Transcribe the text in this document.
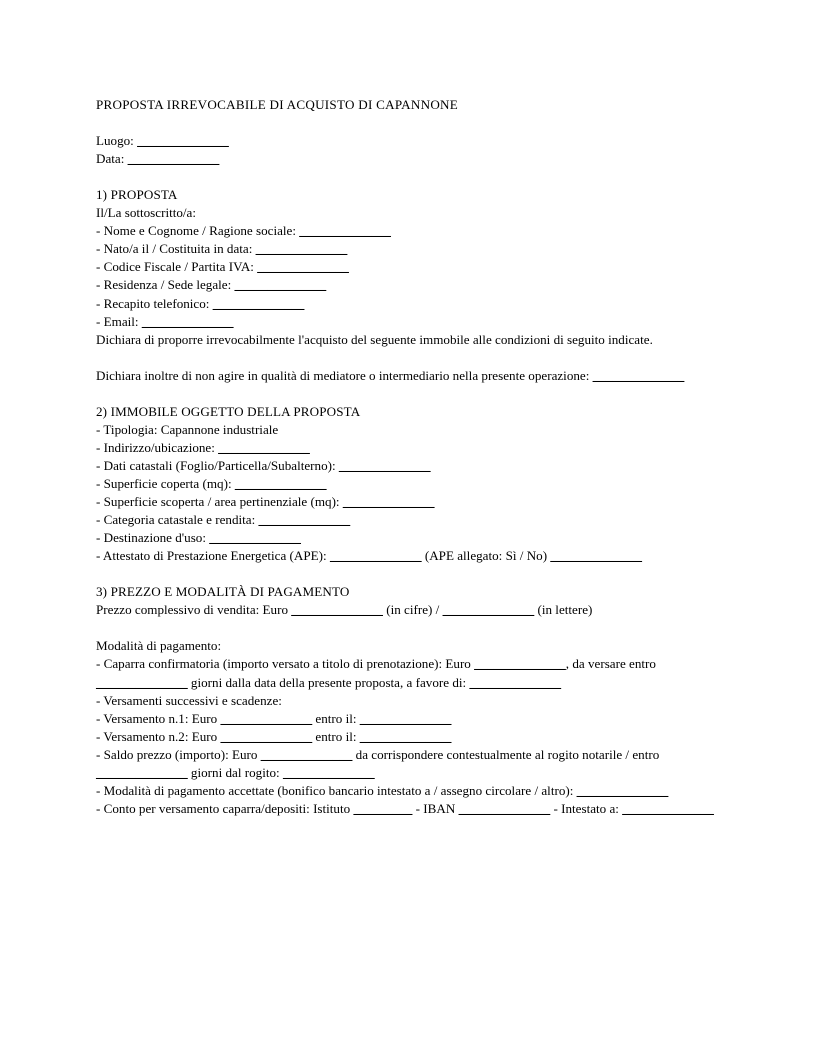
PROPOSTA IRREVOCABILE DI ACQUISTO DI CAPANNONE
Luogo: ______________
Data: ______________
1) PROPOSTA
Il/La sottoscritto/a:
- Nome e Cognome / Ragione sociale: ______________
- Nato/a il / Costituita in data: ______________
- Codice Fiscale / Partita IVA: ______________
- Residenza / Sede legale: ______________
- Recapito telefonico: ______________
- Email: ______________
Dichiara di proporre irrevocabilmente l'acquisto del seguente immobile alle condizioni di seguito indicate.
Dichiara inoltre di non agire in qualità di mediatore o intermediario nella presente operazione: ______________
2) IMMOBILE OGGETTO DELLA PROPOSTA
- Tipologia: Capannone industriale
- Indirizzo/ubicazione: ______________
- Dati catastali (Foglio/Particella/Subalterno): ______________
- Superficie coperta (mq): ______________
- Superficie scoperta / area pertinenziale (mq): ______________
- Categoria catastale e rendita: ______________
- Destinazione d'uso: ______________
- Attestato di Prestazione Energetica (APE): ______________ (APE allegato: Sì / No) ______________
3) PREZZO E MODALITÀ DI PAGAMENTO
Prezzo complessivo di vendita: Euro ______________ (in cifre) / ______________ (in lettere)
Modalità di pagamento:
- Caparra confirmatoria (importo versato a titolo di prenotazione): Euro ______________, da versare entro ______________ giorni dalla data della presente proposta, a favore di: ______________
- Versamenti successivi e scadenze:
- Versamento n.1: Euro ______________ entro il: ______________
- Versamento n.2: Euro ______________ entro il: ______________
- Saldo prezzo (importo): Euro ______________ da corrispondere contestualmente al rogito notarile / entro ______________ giorni dal rogito: ______________
- Modalità di pagamento accettate (bonifico bancario intestato a / assegno circolare / altro): ______________
- Conto per versamento caparra/depositi: Istituto _________ - IBAN ______________ - Intestato a: ______________
